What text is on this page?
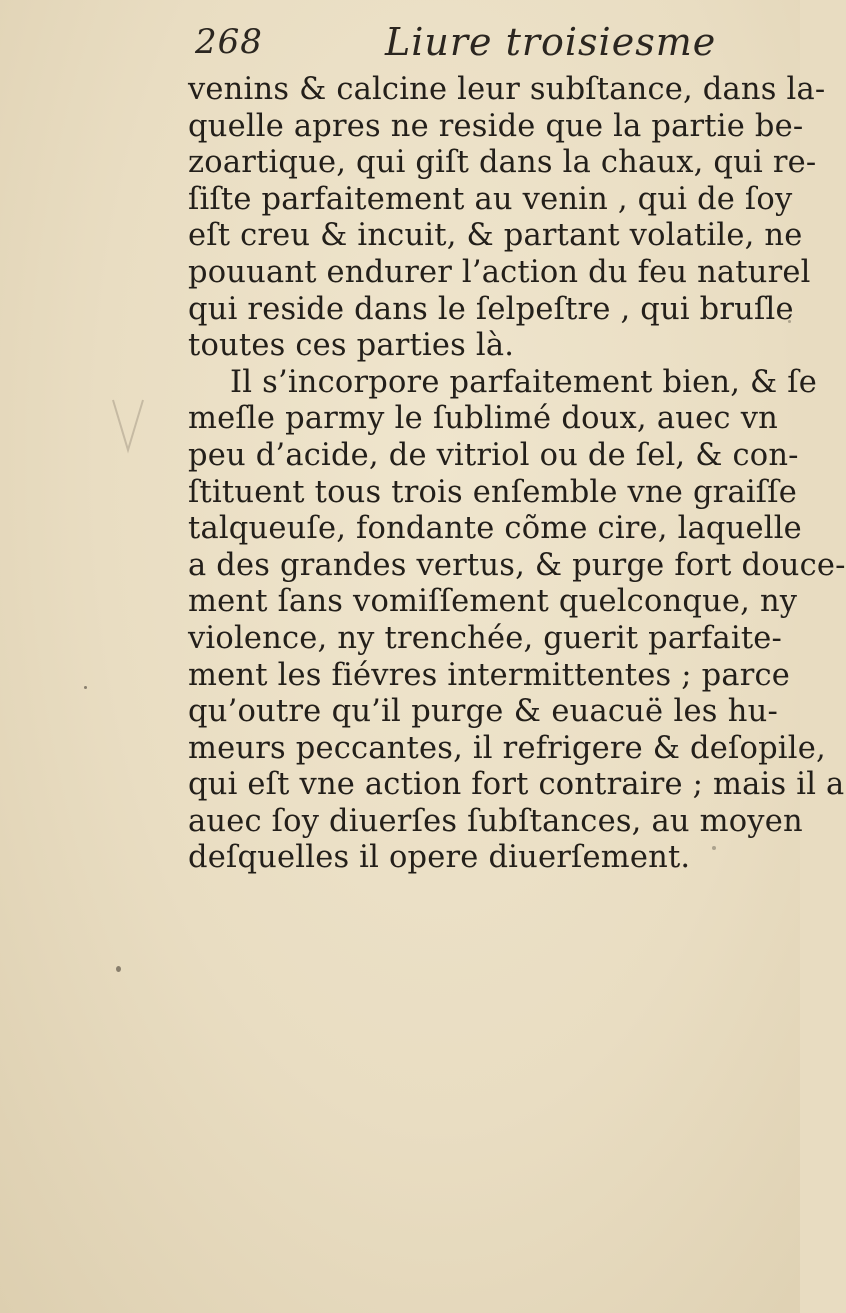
268	Liure troisiesme
venins & calcine leur subſtance, dans la-
quelle apres ne reside que la partie be-
zoartique, qui giſt dans la chaux, qui re-
ſiſte parfaitement au venin , qui de ſoy
eſt creu & incuit, & partant volatile, ne
pouuant endurer l’action du feu naturel
qui reside dans le ſelpeſtre , qui bruſle
toutes ces parties là.
Il s’incorpore parfaitement bien, & ſe
meſle parmy le ſublimé doux, auec vn
peu d’acide, de vitriol ou de ſel, & con-
ſtituent tous trois enſemble vne graiſſe
talqueuſe, fondante cõme cire, laquelle
a des grandes vertus, & purge fort douce-
ment ſans vomiſſement quelconque, ny
violence, ny trenchée, guerit parfaite-
ment les fiévres intermittentes ; parce
qu’outre qu’il purge & euacuë les hu-
meurs peccantes, il refrigere & deſopile,
qui eſt vne action fort contraire ; mais il a
auec ſoy diuerſes ſubſtances, au moyen
deſquelles il opere diuerſement.
